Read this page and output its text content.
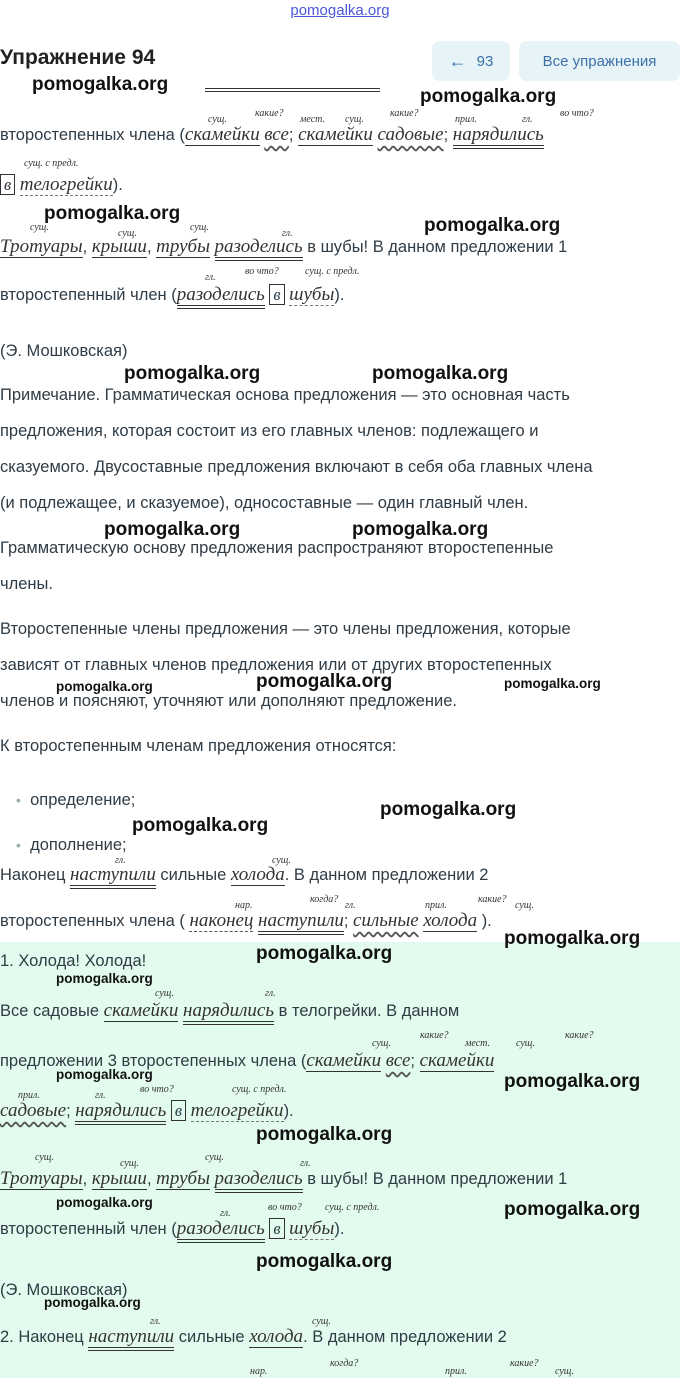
pomogalka.org
Упражнение 94	← 93	Все упражнения
сущ.
какие?
мест. сущ.
какие?
прил.	гл.
во что?
второстепенных члена (скамейки все; скамейки садовые; нарядились
сущ. с предл.
в телогрейки).
сущ.
сущ.
сущ.
гл.
Тротуары, крыши, трубы разоделись в шубы! В данном предложении 1
гл.
во что?	сущ. с предл.
второстепенный член (разоделись в шубы).
(Э. Мошковская)
Примечание. Грамматическая основа предложения — это основная часть
предложения, которая состоит из его главных членов: подлежащего и
сказуемого. Двусоставные предложения включают в себя оба главных члена
(и подлежащее, и сказуемое), односоставные — один главный член.
Грамматическую основу предложения распространяют второстепенные
члены.
Второстепенные члены предложения — это члены предложения, которые
зависят от главных членов предложения или от других второстепенных
членов и поясняют, уточняют или дополняют предложение.
К второстепенным членам предложения относятся:
• определение;
• дополнение;
гл.	сущ.
Наконец наступили сильные холода. В данном предложении 2
нар.
когда?
гл.	прил.
какие?
сущ.
второстепенных члена ( наконец наступили; сильные холода ).
1. Холода! Холода!
сущ.	гл.
Все садовые скамейки нарядились в телогрейки. В данном
сущ.
какие?
мест.	сущ.
какие?
предложении 3 второстепенных члена (скамейки все; скамейки
прил.	гл.
во что?	сущ. с предл.
садовые; нарядились в телогрейки).
сущ.
сущ.
сущ.
гл.
Тротуары, крыши, трубы разоделись в шубы! В данном предложении 1
гл.
во что? сущ. с предл.
второстепенный член (разоделись в шубы).
(Э. Мошковская)
гл.	сущ.
2. Наконец наступили сильные холода. В данном предложении 2
нар.
когда?
прил.
какие?
сущ.
pomogalka.org
pomogalka.org
pomogalka.org
pomogalka.org
pomogalka.org	pomogalka.org
pomogalka.org	pomogalka.org
pomogalka.org	pomogalka.org	pomogalka.org
pomogalka.org
pomogalka.org
pomogalka.org
pomogalka.org
pomogalka.org
pomogalka.org	pomogalka.org
pomogalka.org
pomogalka.org	pomogalka.org
pomogalka.org
pomogalka.org
